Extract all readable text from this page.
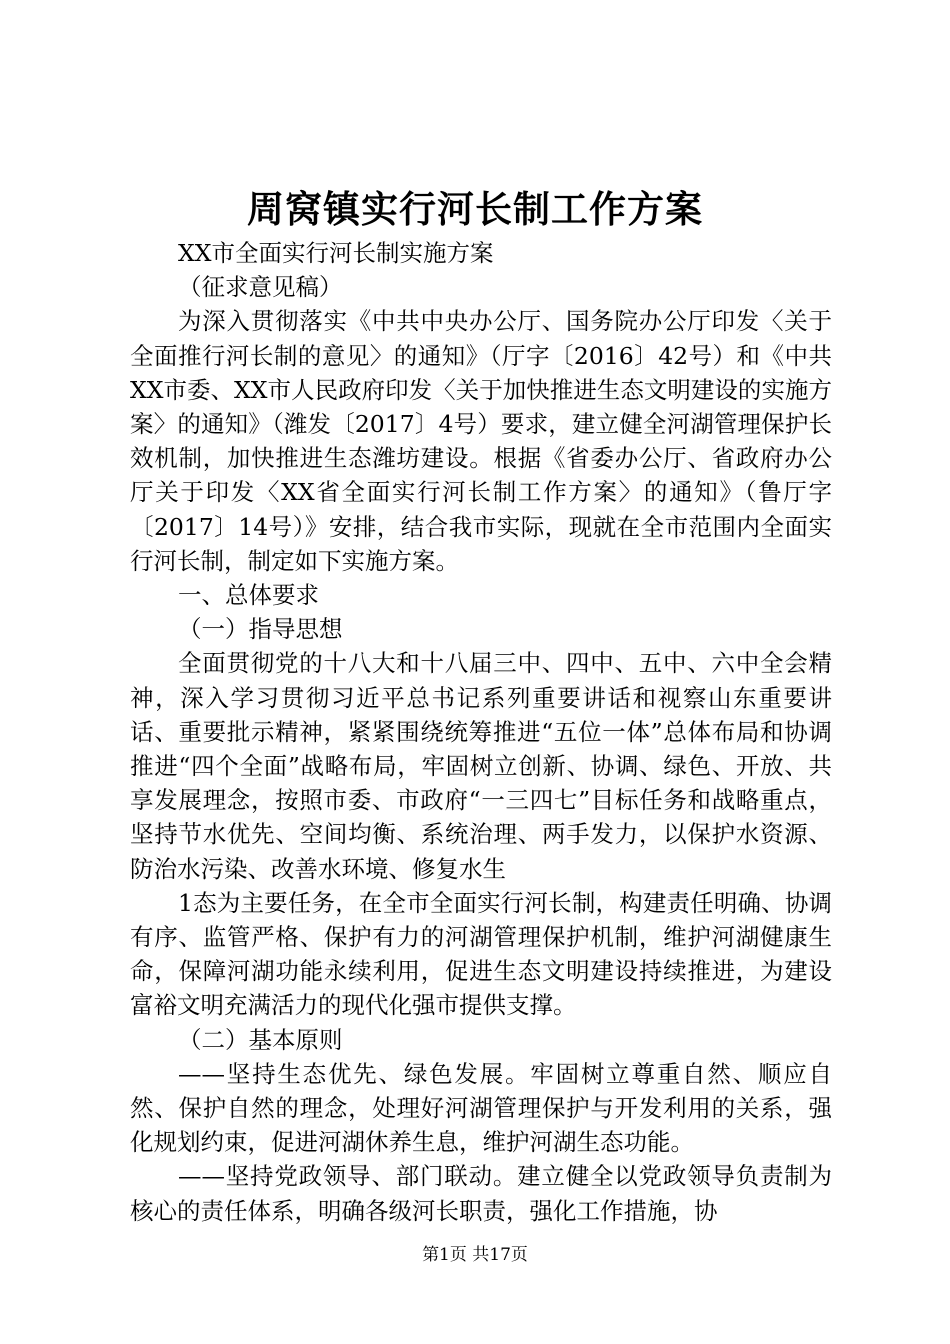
周窝镇实行河长制工作方案

XX市全面实行河长制实施方案

（征求意见稿）

为深入贯彻落实《中共中央办公厅、国务院办公厅印发〈关于全面推行河长制的意见〉的通知》（厅字〔2016〕42号）和《中共XX市委、XX市人民政府印发〈关于加快推进生态文明建设的实施方案〉的通知》（潍发〔2017〕4号）要求，建立健全河湖管理保护长效机制，加快推进生态潍坊建设。根据《省委办公厅、省政府办公厅关于印发〈XX省全面实行河长制工作方案〉的通知》（鲁厅字〔2017〕14号）》安排，结合我市实际，现就在全市范围内全面实行河长制，制定如下实施方案。

一、总体要求

（一）指导思想

全面贯彻党的十八大和十八届三中、四中、五中、六中全会精神，深入学习贯彻习近平总书记系列重要讲话和视察山东重要讲话、重要批示精神，紧紧围绕统筹推进“五位一体”总体布局和协调推进“四个全面”战略布局，牢固树立创新、协调、绿色、开放、共享发展理念，按照市委、市政府“一三四七”目标任务和战略重点，坚持节水优先、空间均衡、系统治理、两手发力，以保护水资源、防治水污染、改善水环境、修复水生

1态为主要任务，在全市全面实行河长制，构建责任明确、协调有序、监管严格、保护有力的河湖管理保护机制，维护河湖健康生命，保障河湖功能永续利用，促进生态文明建设持续推进，为建设富裕文明充满活力的现代化强市提供支撑。

（二）基本原则

——坚持生态优先、绿色发展。牢固树立尊重自然、顺应自然、保护自然的理念，处理好河湖管理保护与开发利用的关系，强化规划约束，促进河湖休养生息，维护河湖生态功能。

——坚持党政领导、部门联动。建立健全以党政领导负责制为核心的责任体系，明确各级河长职责，强化工作措施，协

第1页 共17页
